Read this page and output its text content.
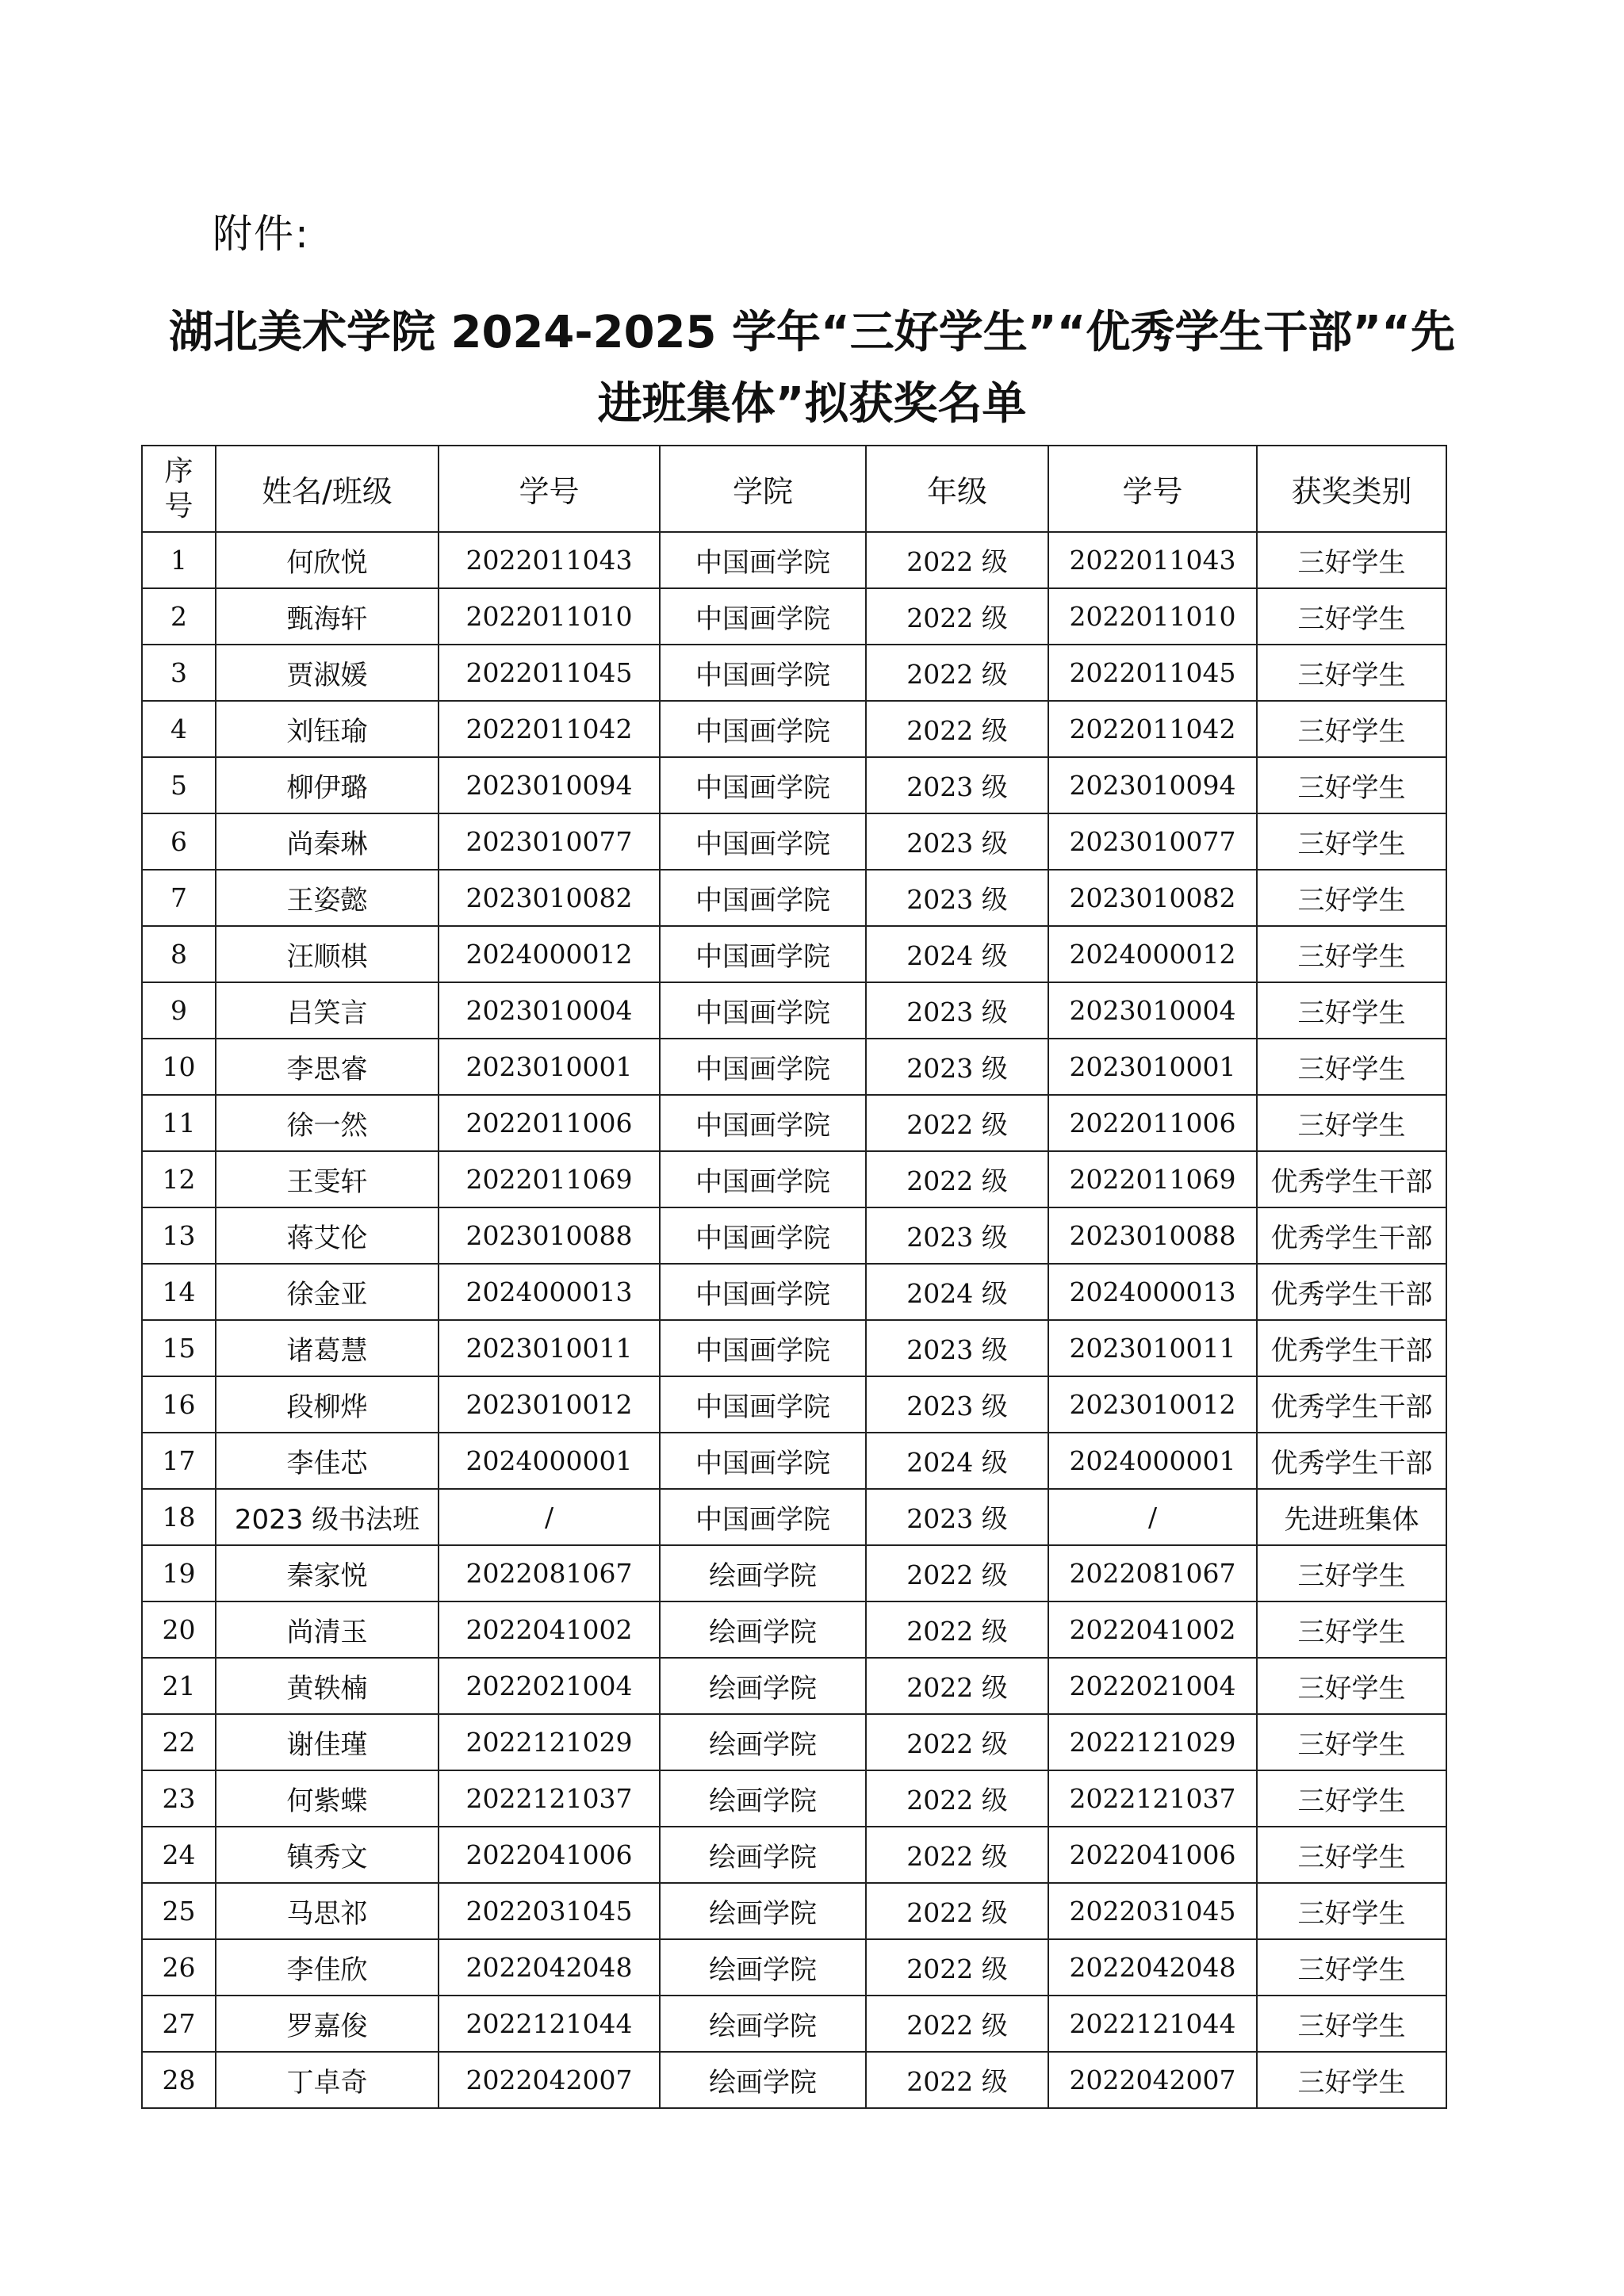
附件:

湖北美术学院 2024-2025 学年“三好学生”“优秀学生干部”“先
进班集体”拟获奖名单
序
号	姓名/班级	学号	学院	年级	学号	获奖类别
1	何欣悦	2022011043	中国画学院	2022 级	2022011043	三好学生
2	甄海轩	2022011010	中国画学院	2022 级	2022011010	三好学生
3	贾淑媛	2022011045	中国画学院	2022 级	2022011045	三好学生
4	刘钰瑜	2022011042	中国画学院	2022 级	2022011042	三好学生
5	柳伊璐	2023010094	中国画学院	2023 级	2023010094	三好学生
6	尚秦琳	2023010077	中国画学院	2023 级	2023010077	三好学生
7	王姿懿	2023010082	中国画学院	2023 级	2023010082	三好学生
8	汪顺棋	2024000012	中国画学院	2024 级	2024000012	三好学生
9	吕笑言	2023010004	中国画学院	2023 级	2023010004	三好学生
10	李思睿	2023010001	中国画学院	2023 级	2023010001	三好学生
11	徐一然	2022011006	中国画学院	2022 级	2022011006	三好学生
12	王雯轩	2022011069	中国画学院	2022 级	2022011069	优秀学生干部
13	蒋艾伦	2023010088	中国画学院	2023 级	2023010088	优秀学生干部
14	徐金亚	2024000013	中国画学院	2024 级	2024000013	优秀学生干部
15	诸葛慧	2023010011	中国画学院	2023 级	2023010011	优秀学生干部
16	段柳烨	2023010012	中国画学院	2023 级	2023010012	优秀学生干部
17	李佳芯	2024000001	中国画学院	2024 级	2024000001	优秀学生干部
18	2023 级书法班	/	中国画学院	2023 级	/	先进班集体
19	秦家悦	2022081067	绘画学院	2022 级	2022081067	三好学生
20	尚清玉	2022041002	绘画学院	2022 级	2022041002	三好学生
21	黄轶楠	2022021004	绘画学院	2022 级	2022021004	三好学生
22	谢佳瑾	2022121029	绘画学院	2022 级	2022121029	三好学生
23	何紫蝶	2022121037	绘画学院	2022 级	2022121037	三好学生
24	镇秀文	2022041006	绘画学院	2022 级	2022041006	三好学生
25	马思祁	2022031045	绘画学院	2022 级	2022031045	三好学生
26	李佳欣	2022042048	绘画学院	2022 级	2022042048	三好学生
27	罗嘉俊	2022121044	绘画学院	2022 级	2022121044	三好学生
28	丁卓奇	2022042007	绘画学院	2022 级	2022042007	三好学生
